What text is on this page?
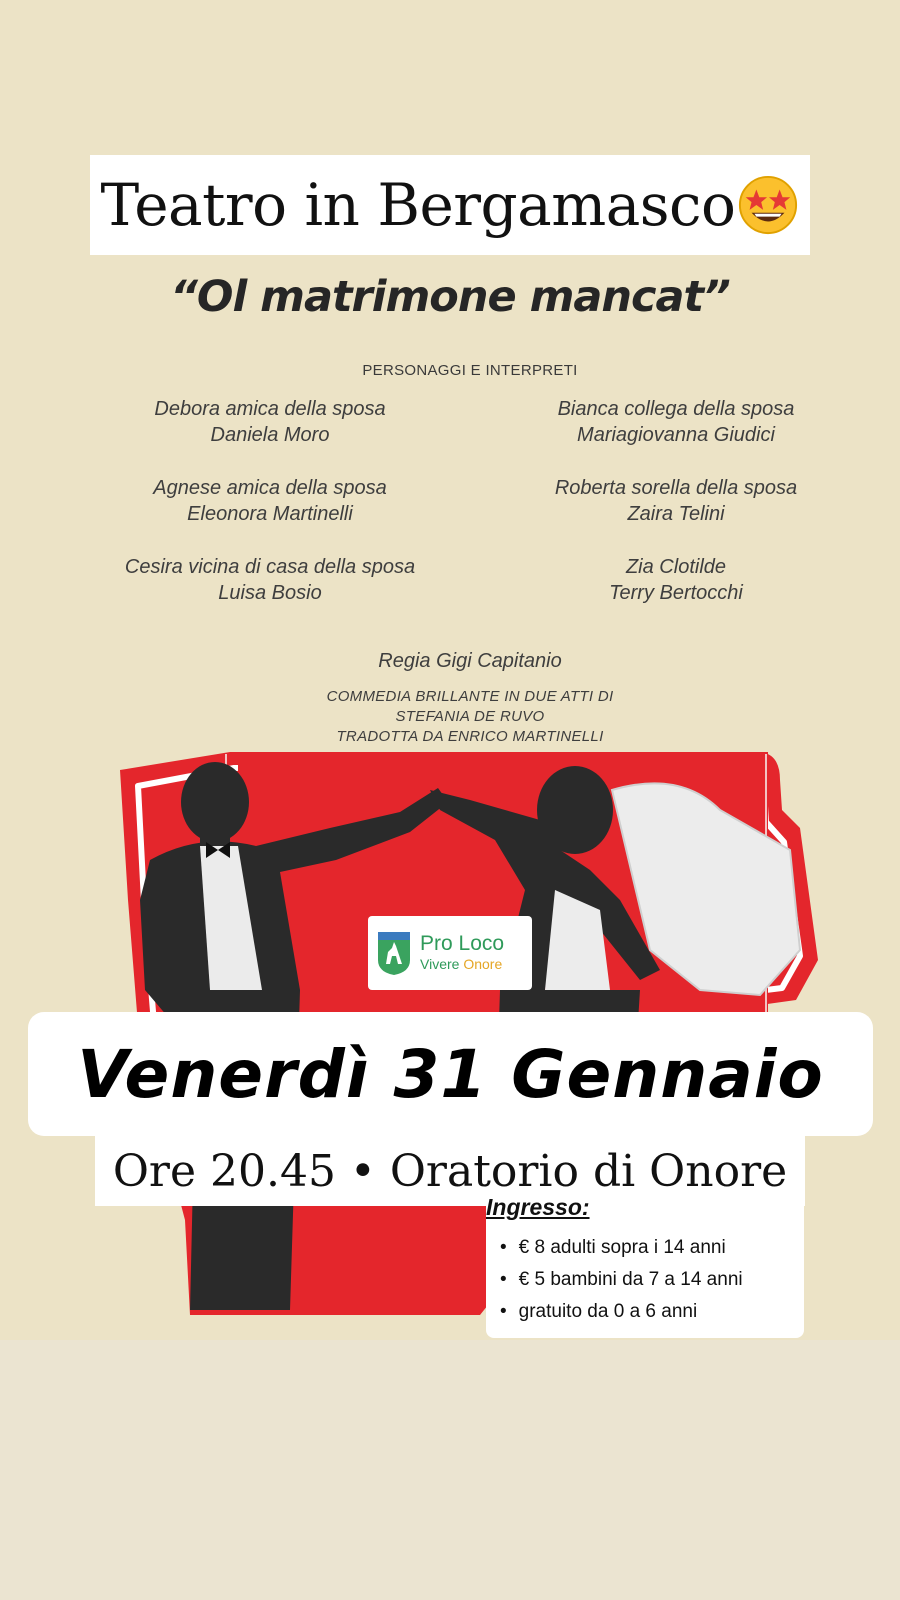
Teatro in Bergamasco
“Ol matrimone mancat”
PERSONAGGI E INTERPRETI
Debora amica della sposa
Daniela Moro
Agnese amica della sposa
Eleonora Martinelli
Cesira vicina di casa della sposa
Luisa Bosio
Bianca collega della sposa
Mariagiovanna Giudici
Roberta sorella della sposa
Zaira Telini
Zia Clotilde
Terry Bertocchi
Regia Gigi Capitanio
COMMEDIA BRILLANTE IN DUE ATTI DI
STEFANIA DE RUVO
TRADOTTA DA ENRICO MARTINELLI
Pro Loco
Vivere Onore
Venerdì 31 Gennaio
Ore 20.45 • Oratorio di Onore
Ingresso:
• € 8 adulti sopra i 14 anni
• € 5 bambini da 7 a 14 anni
• gratuito da 0 a 6 anni
